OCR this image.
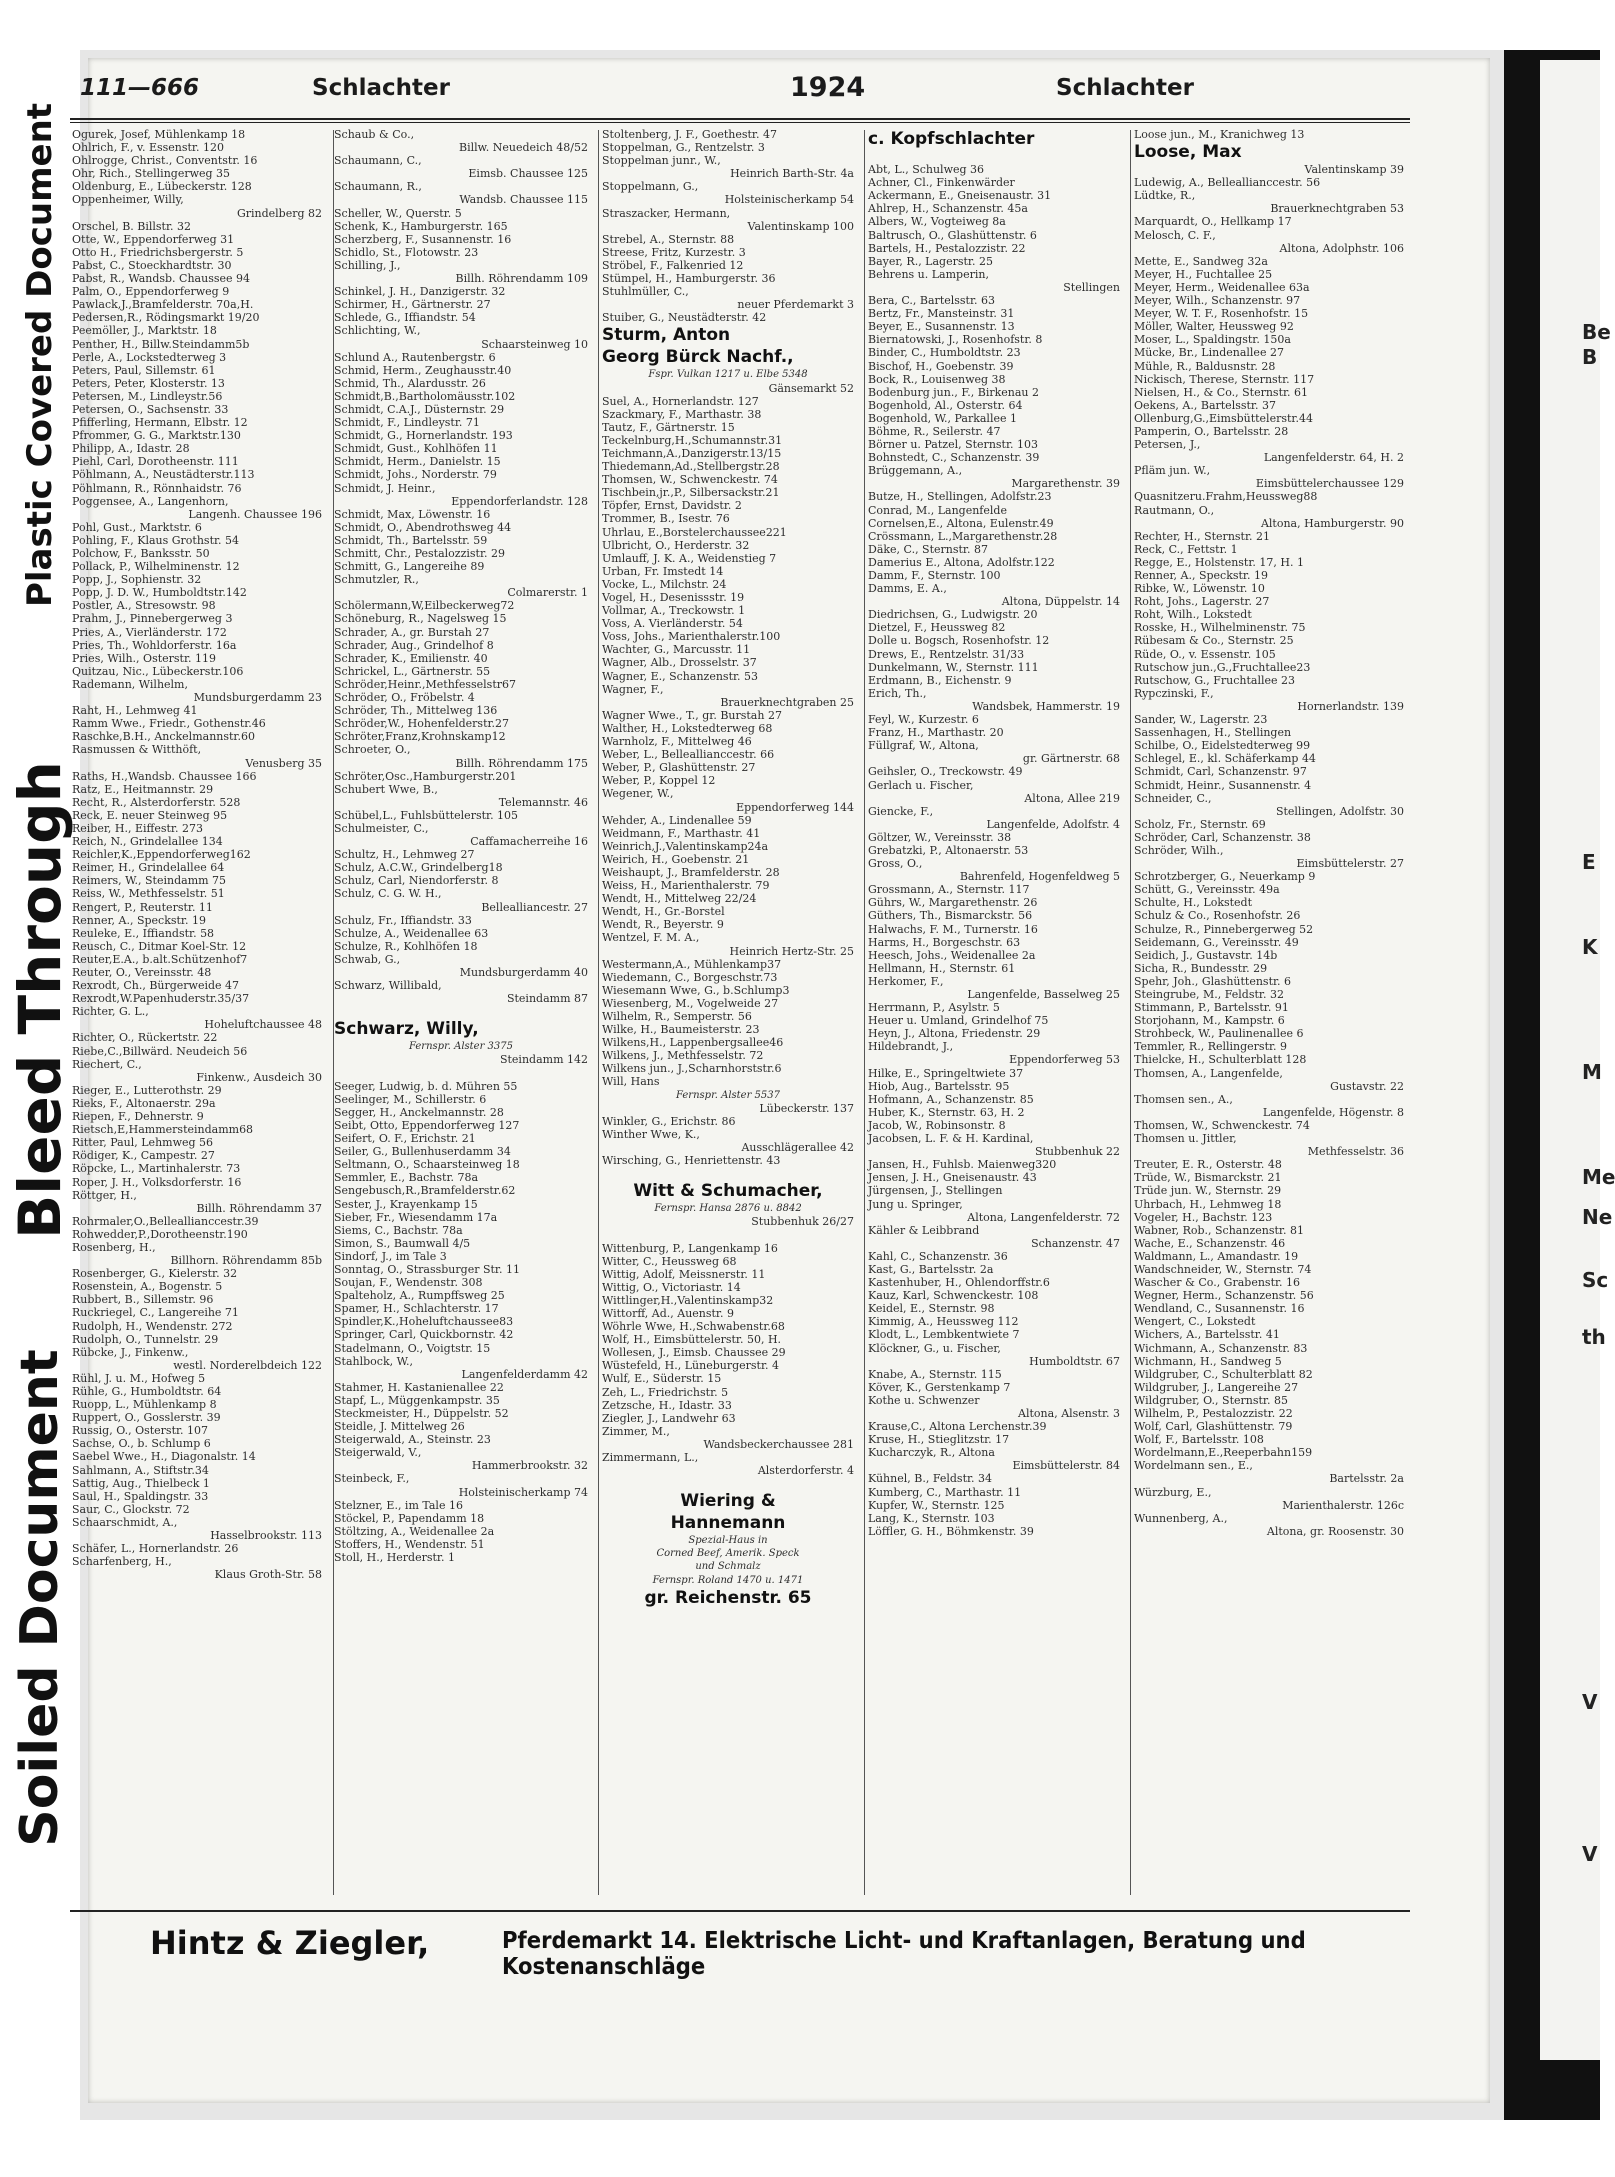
Plastic Covered Document
Bleed Through
Soiled Document
Be
B
E
K
M
Me
Ne
Sc
th
V
V
111—666	Schlachter	1924	Schlachter
Ogurek, Josef, Mühlenkamp 18
Ohlrich, F., v. Essenstr. 120
Ohlrogge, Christ., Conventstr. 16
Ohr, Rich., Stellingerweg 35
Oldenburg, E., Lübeckerstr. 128
Oppenheimer, Willy,
Grindelberg 82
Orschel, B. Billstr. 32
Otte, W., Eppendorferweg 31
Otto H., Friedrichsbergerstr. 5
Pabst, C., Stoeckhardtstr. 30
Pabst, R., Wandsb. Chaussee 94
Palm, O., Eppendorferweg 9
Pawlack,J.,Bramfelderstr. 70a,H.
Pedersen,R., Rödingsmarkt 19/20
Peemöller, J., Marktstr. 18
Penther, H., Billw.Steindamm5b
Perle, A., Lockstedterweg 3
Peters, Paul, Sillemstr. 61
Peters, Peter, Klosterstr. 13
Petersen, M., Lindleystr.56
Petersen, O., Sachsenstr. 33
Pfifferling, Hermann, Elbstr. 12
Pfrommer, G. G., Marktstr.130
Philipp, A., Idastr. 28
Piehl, Carl, Dorotheenstr. 111
Pöhlmann, A., Neustädterstr.113
Pöhlmann, R., Rönnhaidstr. 76
Poggensee, A., Langenhorn,
Langenh. Chaussee 196
Pohl, Gust., Marktstr. 6
Pohling, F., Klaus Grothstr. 54
Polchow, F., Banksstr. 50
Pollack, P., Wilhelminenstr. 12
Popp, J., Sophienstr. 32
Popp, J. D. W., Humboldtstr.142
Postler, A., Stresowstr. 98
Prahm, J., Pinnebergerweg 3
Pries, A., Vierländerstr. 172
Pries, Th., Wohldorferstr. 16a
Pries, Wilh., Osterstr. 119
Quitzau, Nic., Lübeckerstr.106
Rademann, Wilhelm,
Mundsburgerdamm 23
Raht, H., Lehmweg 41
Ramm Wwe., Friedr., Gothenstr.46
Raschke,B.H., Anckelmannstr.60
Rasmussen & Witthöft,
Venusberg 35
Raths, H.,Wandsb. Chaussee 166
Ratz, E., Heitmannstr. 29
Recht, R., Alsterdorferstr. 528
Reck, E. neuer Steinweg 95
Reiber, H., Eiffestr. 273
Reich, N., Grindelallee 134
Reichler,K.,Eppendorferweg162
Reimer, H., Grindelallee 64
Reimers, W., Steindamm 75
Reiss, W., Methfesselstr. 51
Rengert, P., Reuterstr. 11
Renner, A., Speckstr. 19
Reuleke, E., Iffiandstr. 58
Reusch, C., Ditmar Koel-Str. 12
Reuter,E.A., b.alt.Schützenhof7
Reuter, O., Vereinsstr. 48
Rexrodt, Ch., Bürgerweide 47
Rexrodt,W.Papenhuderstr.35/37
Richter, G. L.,
Hoheluftchaussee 48
Richter, O., Rückertstr. 22
Riebe,C.,Billwärd. Neudeich 56
Riechert, C.,
Finkenw., Ausdeich 30
Rieger, E., Lutterothstr. 29
Rieks, F., Altonaerstr. 29a
Riepen, F., Dehnerstr. 9
Rietsch,E,Hammersteindamm68
Ritter, Paul, Lehmweg 56
Rödiger, K., Campestr. 27
Röpcke, L., Martinhalerstr. 73
Roper, J. H., Volksdorferstr. 16
Röttger, H.,
Billh. Röhrendamm 37
Rohrmaler,O.,Belleallianccestr.39
Rohwedder,P.,Dorotheenstr.190
Rosenberg, H.,
Billhorn. Röhrendamm 85b
Rosenberger, G., Kielerstr. 32
Rosenstein, A., Bogenstr. 5
Rubbert, B., Sillemstr. 96
Ruckriegel, C., Langereihe 71
Rudolph, H., Wendenstr. 272
Rudolph, O., Tunnelstr. 29
Rübcke, J., Finkenw.,
westl. Norderelbdeich 122
Rühl, J. u. M., Hofweg 5
Rühle, G., Humboldtstr. 64
Ruopp, L., Mühlenkamp 8
Ruppert, O., Gosslerstr. 39
Russig, O., Osterstr. 107
Sachse, O., b. Schlump 6
Saebel Wwe., H., Diagonalstr. 14
Sahlmann, A., Stiftstr.34
Sattig, Aug., Thielbeck 1
Saul, H., Spaldingstr. 33
Saur, C., Glockstr. 72
Schaarschmidt, A.,
Hasselbrookstr. 113
Schäfer, L., Hornerlandstr. 26
Scharfenberg, H.,
Klaus Groth-Str. 58
Schaub & Co.,
Billw. Neuedeich 48/52
Schaumann, C.,
Eimsb. Chaussee 125
Schaumann, R.,
Wandsb. Chaussee 115
Scheller, W., Querstr. 5
Schenk, K., Hamburgerstr. 165
Scherzberg, F., Susannenstr. 16
Schidlo, St., Flotowstr. 23
Schilling, J.,
Billh. Röhrendamm 109
Schinkel, J. H., Danzigerstr. 32
Schirmer, H., Gärtnerstr. 27
Schlede, G., Iffiandstr. 54
Schlichting, W.,
Schaarsteinweg 10
Schlund A., Rautenbergstr. 6
Schmid, Herm., Zeughausstr.40
Schmid, Th., Alardusstr. 26
Schmidt,B.,Bartholomäusstr.102
Schmidt, C.A.J., Düsternstr. 29
Schmidt, F., Lindleystr. 71
Schmidt, G., Hornerlandstr. 193
Schmidt, Gust., Kohlhöfen 11
Schmidt, Herm., Danielstr. 15
Schmidt, Johs., Norderstr. 79
Schmidt, J. Heinr.,
Eppendorferlandstr. 128
Schmidt, Max, Löwenstr. 16
Schmidt, O., Abendrothsweg 44
Schmidt, Th., Bartelsstr. 59
Schmitt, Chr., Pestalozzistr. 29
Schmitt, G., Langereihe 89
Schmutzler, R.,
Colmarerstr. 1
Schölermann,W,Eilbeckerweg72
Schöneburg, R., Nagelsweg 15
Schrader, A., gr. Burstah 27
Schrader, Aug., Grindelhof 8
Schrader, K., Emilienstr. 40
Schrickel, L., Gärtnerstr. 55
Schröder,Heinr.,Methfesselstr67
Schröder, O., Fröbelstr. 4
Schröder, Th., Mittelweg 136
Schröder,W., Hohenfelderstr.27
Schröter,Franz,Krohnskamp12
Schroeter, O.,
Billh. Röhrendamm 175
Schröter,Osc.,Hamburgerstr.201
Schubert Wwe, B.,
Telemannstr. 46
Schübel,L., Fuhlsbüttelerstr. 105
Schulmeister, C.,
Caffamacherreihe 16
Schultz, H., Lehmweg 27
Schulz, A.C.W., Grindelberg18
Schulz, Carl, Niendorferstr. 8
Schulz, C. G. W. H.,
Bellealliancestr. 27
Schulz, Fr., Iffiandstr. 33
Schulze, A., Weidenallee 63
Schulze, R., Kohlhöfen 18
Schwab, G.,
Mundsburgerdamm 40
Schwarz, Willibald,
Steindamm 87
Schwarz, Willy,
Fernspr. Alster 3375
Steindamm 142
Seeger, Ludwig, b. d. Mühren 55
Seelinger, M., Schillerstr. 6
Segger, H., Anckelmannstr. 28
Seibt, Otto, Eppendorferweg 127
Seifert, O. F., Erichstr. 21
Seiler, G., Bullenhuserdamm 34
Seltmann, O., Schaarsteinweg 18
Semmler, E., Bachstr. 78a
Sengebusch,R.,Bramfelderstr.62
Sester, J., Krayenkamp 15
Sieber, Fr., Wiesendamm 17a
Siems, C., Bachstr. 78a
Simon, S., Baumwall 4/5
Sindorf, J., im Tale 3
Sonntag, O., Strassburger Str. 11
Soujan, F., Wendenstr. 308
Spalteholz, A., Rumpffsweg 25
Spamer, H., Schlachterstr. 17
Spindler,K.,Hoheluftchaussee83
Springer, Carl, Quickbornstr. 42
Stadelmann, O., Voigtstr. 15
Stahlbock, W.,
Langenfelderdamm 42
Stahmer, H. Kastanienallee 22
Stapf, L., Müggenkampstr. 35
Steckmeister, H., Düppelstr. 52
Steidle, J. Mittelweg 26
Steigerwald, A., Steinstr. 23
Steigerwald, V.,
Hammerbrookstr. 32
Steinbeck, F.,
Holsteinischerkamp 74
Stelzner, E., im Tale 16
Stöckel, P., Papendamm 18
Stöltzing, A., Weidenallee 2a
Stoffers, H., Wendenstr. 51
Stoll, H., Herderstr. 1
Stoltenberg, J. F., Goethestr. 47
Stoppelman, G., Rentzelstr. 3
Stoppelman junr., W.,
Heinrich Barth-Str. 4a
Stoppelmann, G.,
Holsteinischerkamp 54
Straszacker, Hermann,
Valentinskamp 100
Strebel, A., Sternstr. 88
Streese, Fritz, Kurzestr. 3
Ströbel, F., Falkenried 12
Stümpel, H., Hamburgerstr. 36
Stuhlmüller, C.,
neuer Pferdemarkt 3
Stuiber, G., Neustädterstr. 42
Sturm, Anton
Georg Bürck Nachf.,
Fspr. Vulkan 1217 u. Elbe 5348
Gänsemarkt 52
Suel, A., Hornerlandstr. 127
Szackmary, F., Marthastr. 38
Tautz, F., Gärtnerstr. 15
Teckelnburg,H.,Schumannstr.31
Teichmann,A.,Danzigerstr.13/15
Thiedemann,Ad.,Stellbergstr.28
Thomsen, W., Schwenckestr. 74
Tischbein,jr.,P., Silbersackstr.21
Töpfer, Ernst, Davidstr. 2
Trommer, B., Isestr. 76
Uhrlau, E.,Borstelerchaussee221
Ulbricht, O., Herderstr. 32
Umlauff, J. K. A., Weidenstieg 7
Urban, Fr. Imstedt 14
Vocke, L., Milchstr. 24
Vogel, H., Desenissstr. 19
Vollmar, A., Treckowstr. 1
Voss, A. Vierländerstr. 54
Voss, Johs., Marienthalerstr.100
Wachter, G., Marcusstr. 11
Wagner, Alb., Drosselstr. 37
Wagner, E., Schanzenstr. 53
Wagner, F.,
Brauerknechtgraben 25
Wagner Wwe., T., gr. Burstah 27
Walther, H., Lokstedterweg 68
Warnholz, F., Mittelweg 46
Weber, L., Belleallianccestr. 66
Weber, P., Glashüttenstr. 27
Weber, P., Koppel 12
Wegener, W.,
Eppendorferweg 144
Wehder, A., Lindenallee 59
Weidmann, F., Marthastr. 41
Weinrich,J.,Valentinskamp24a
Weirich, H., Goebenstr. 21
Weishaupt, J., Bramfelderstr. 28
Weiss, H., Marienthalerstr. 79
Wendt, H., Mittelweg 22/24
Wendt, H., Gr.-Borstel
Wendt, R., Beyerstr. 9
Wentzel, F. M. A.,
Heinrich Hertz-Str. 25
Westermann,A., Mühlenkamp37
Wiedemann, C., Borgeschstr.73
Wiesemann Wwe, G., b.Schlump3
Wiesenberg, M., Vogelweide 27
Wilhelm, R., Semperstr. 56
Wilke, H., Baumeisterstr. 23
Wilkens,H., Lappenbergsallee46
Wilkens, J., Methfesselstr. 72
Wilkens jun., J.,Scharnhorststr.6
Will, Hans
Fernspr. Alster 5537
Lübeckerstr. 137
Winkler, G., Erichstr. 86
Winther Wwe, K.,
Ausschlägerallee 42
Wirsching, G., Henriettenstr. 43
Witt & Schumacher,
Fernspr. Hansa 2876 u. 8842
Stubbenhuk 26/27
Wittenburg, P., Langenkamp 16
Witter, C., Heussweg 68
Wittig, Adolf, Meissnerstr. 11
Wittig, O., Victoriastr. 14
Wittlinger,H.,Valentinskamp32
Wittorff, Ad., Auenstr. 9
Wöhrle Wwe, H.,Schwabenstr.68
Wolf, H., Eimsbüttelerstr. 50, H.
Wollesen, J., Eimsb. Chaussee 29
Wüstefeld, H., Lüneburgerstr. 4
Wulf, E., Süderstr. 15
Zeh, L., Friedrichstr. 5
Zetzsche, H., Idastr. 33
Ziegler, J., Landwehr 63
Zimmer, M.,
Wandsbeckerchaussee 281
Zimmermann, L.,
Alsterdorferstr. 4
Wiering &
Hannemann
Spezial-Haus in
Corned Beef, Amerik. Speck
und Schmalz
Fernspr. Roland 1470 u. 1471
gr. Reichenstr. 65
c. Kopfschlachter
Abt, L., Schulweg 36
Achner, Cl., Finkenwärder
Ackermann, E., Gneisenaustr. 31
Ahlrep, H., Schanzenstr. 45a
Albers, W., Vogteiweg 8a
Baltrusch, O., Glashüttenstr. 6
Bartels, H., Pestalozzistr. 22
Bayer, R., Lagerstr. 25
Behrens u. Lamperin,
Stellingen
Bera, C., Bartelsstr. 63
Bertz, Fr., Mansteinstr. 31
Beyer, E., Susannenstr. 13
Biernatowski, J., Rosenhofstr. 8
Binder, C., Humboldtstr. 23
Bischof, H., Goebenstr. 39
Bock, R., Louisenweg 38
Bodenburg jun., F., Birkenau 2
Bogenhold, Al., Osterstr. 64
Bogenhold, W., Parkallee 1
Böhme, R., Seilerstr. 47
Börner u. Patzel, Sternstr. 103
Bohnstedt, C., Schanzenstr. 39
Brüggemann, A.,
Margarethenstr. 39
Butze, H., Stellingen, Adolfstr.23
Conrad, M., Langenfelde
Cornelsen,E., Altona, Eulenstr.49
Crössmann, L.,Margarethenstr.28
Däke, C., Sternstr. 87
Damerius E., Altona, Adolfstr.122
Damm, F., Sternstr. 100
Damms, E. A.,
Altona, Düppelstr. 14
Diedrichsen, G., Ludwigstr. 20
Dietzel, F., Heussweg 82
Dolle u. Bogsch, Rosenhofstr. 12
Drews, E., Rentzelstr. 31/33
Dunkelmann, W., Sternstr. 111
Erdmann, B., Eichenstr. 9
Erich, Th.,
Wandsbek, Hammerstr. 19
Feyl, W., Kurzestr. 6
Franz, H., Marthastr. 20
Füllgraf, W., Altona,
gr. Gärtnerstr. 68
Geihsler, O., Treckowstr. 49
Gerlach u. Fischer,
Altona, Allee 219
Giencke, F.,
Langenfelde, Adolfstr. 4
Göltzer, W., Vereinsstr. 38
Grebatzki, P., Altonaerstr. 53
Gross, O.,
Bahrenfeld, Hogenfeldweg 5
Grossmann, A., Sternstr. 117
Gührs, W., Margarethenstr. 26
Güthers, Th., Bismarckstr. 56
Halwachs, F. M., Turnerstr. 16
Harms, H., Borgeschstr. 63
Heesch, Johs., Weidenallee 2a
Hellmann, H., Sternstr. 61
Herkomer, F.,
Langenfelde, Basselweg 25
Herrmann, P., Asylstr. 5
Heuer u. Umland, Grindelhof 75
Heyn, J., Altona, Friedenstr. 29
Hildebrandt, J.,
Eppendorferweg 53
Hilke, E., Springeltwiete 37
Hiob, Aug., Bartelsstr. 95
Hofmann, A., Schanzenstr. 85
Huber, K., Sternstr. 63, H. 2
Jacob, W., Robinsonstr. 8
Jacobsen, L. F. & H. Kardinal,
Stubbenhuk 22
Jansen, H., Fuhlsb. Maienweg320
Jensen, J. H., Gneisenaustr. 43
Jürgensen, J., Stellingen
Jung u. Springer,
Altona, Langenfelderstr. 72
Kähler & Leibbrand
Schanzenstr. 47
Kahl, C., Schanzenstr. 36
Kast, G., Bartelsstr. 2a
Kastenhuber, H., Ohlendorffstr.6
Kauz, Karl, Schwenckestr. 108
Keidel, E., Sternstr. 98
Kimmig, A., Heussweg 112
Klodt, L., Lembkentwiete 7
Klöckner, G., u. Fischer,
Humboldtstr. 67
Knabe, A., Sternstr. 115
Köver, K., Gerstenkamp 7
Kothe u. Schwenzer
Altona, Alsenstr. 3
Krause,C., Altona Lerchenstr.39
Kruse, H., Stieglitzstr. 17
Kucharczyk, R., Altona
Eimsbüttelerstr. 84
Kühnel, B., Feldstr. 34
Kumberg, C., Marthastr. 11
Kupfer, W., Sternstr. 125
Lang, K., Sternstr. 103
Löffler, G. H., Böhmkenstr. 39
Loose jun., M., Kranichweg 13
Loose, Max
Valentinskamp 39
Ludewig, A., Belleallianccestr. 56
Lüdtke, R.,
Brauerknechtgraben 53
Marquardt, O., Hellkamp 17
Melosch, C. F.,
Altona, Adolphstr. 106
Mette, E., Sandweg 32a
Meyer, H., Fuchtallee 25
Meyer, Herm., Weidenallee 63a
Meyer, Wilh., Schanzenstr. 97
Meyer, W. T. F., Rosenhofstr. 15
Möller, Walter, Heussweg 92
Moser, L., Spaldingstr. 150a
Mücke, Br., Lindenallee 27
Mühle, R., Baldusnstr. 28
Nickisch, Therese, Sternstr. 117
Nielsen, H., & Co., Sternstr. 61
Oekens, A., Bartelsstr. 37
Ollenburg,G.,Eimsbüttelerstr.44
Pamperin, O., Bartelsstr. 28
Petersen, J.,
Langenfelderstr. 64, H. 2
Pfläm jun. W.,
Eimsbüttelerchaussee 129
Quasnitzeru.Frahm,Heussweg88
Rautmann, O.,
Altona, Hamburgerstr. 90
Rechter, H., Sternstr. 21
Reck, C., Fettstr. 1
Regge, E., Holstenstr. 17, H. 1
Renner, A., Speckstr. 19
Ribke, W., Löwenstr. 10
Roht, Johs., Lagerstr. 27
Roht, Wilh., Lokstedt
Rosske, H., Wilhelminenstr. 75
Rübesam & Co., Sternstr. 25
Rüde, O., v. Essenstr. 105
Rutschow jun.,G.,Fruchtallee23
Rutschow, G., Fruchtallee 23
Rypczinski, F.,
Hornerlandstr. 139
Sander, W., Lagerstr. 23
Sassenhagen, H., Stellingen
Schilbe, O., Eidelstedterweg 99
Schlegel, E., kl. Schäferkamp 44
Schmidt, Carl, Schanzenstr. 97
Schmidt, Heinr., Susannenstr. 4
Schneider, C.,
Stellingen, Adolfstr. 30
Scholz, Fr., Sternstr. 69
Schröder, Carl, Schanzenstr. 38
Schröder, Wilh.,
Eimsbüttelerstr. 27
Schrotzberger, G., Neuerkamp 9
Schütt, G., Vereinsstr. 49a
Schulte, H., Lokstedt
Schulz & Co., Rosenhofstr. 26
Schulze, R., Pinnebergerweg 52
Seidemann, G., Vereinsstr. 49
Seidich, J., Gustavstr. 14b
Sicha, R., Bundesstr. 29
Spehr, Joh., Glashüttenstr. 6
Steingrube, M., Feldstr. 32
Stimmann, P., Bartelsstr. 91
Storjohann, M., Kampstr. 6
Strohbeck, W., Paulinenallee 6
Temmler, R., Rellingerstr. 9
Thielcke, H., Schulterblatt 128
Thomsen, A., Langenfelde,
Gustavstr. 22
Thomsen sen., A.,
Langenfelde, Högenstr. 8
Thomsen, W., Schwenckestr. 74
Thomsen u. Jittler,
Methfesselstr. 36
Treuter, E. R., Osterstr. 48
Trüde, W., Bismarckstr. 21
Trüde jun. W., Sternstr. 29
Uhrbach, H., Lehmweg 18
Vogeler, H., Bachstr. 123
Wabner, Rob., Schanzenstr. 81
Wache, E., Schanzenstr. 46
Waldmann, L., Amandastr. 19
Wandschneider, W., Sternstr. 74
Wascher & Co., Grabenstr. 16
Wegner, Herm., Schanzenstr. 56
Wendland, C., Susannenstr. 16
Wengert, C., Lokstedt
Wichers, A., Bartelsstr. 41
Wichmann, A., Schanzenstr. 83
Wichmann, H., Sandweg 5
Wildgruber, C., Schulterblatt 82
Wildgruber, J., Langereihe 27
Wildgruber, O., Sternstr. 85
Wilhelm, P., Pestalozzistr. 22
Wolf, Carl, Glashüttenstr. 79
Wolf, F., Bartelsstr. 108
Wordelmann,E.,Reeperbahn159
Wordelmann sen., E.,
Bartelsstr. 2a
Würzburg, E.,
Marienthalerstr. 126c
Wunnenberg, A.,
Altona, gr. Roosenstr. 30
Hintz & Ziegler,	Pferdemarkt 14. Elektrische Licht- und Kraftanlagen, Beratung und Kostenanschläge
